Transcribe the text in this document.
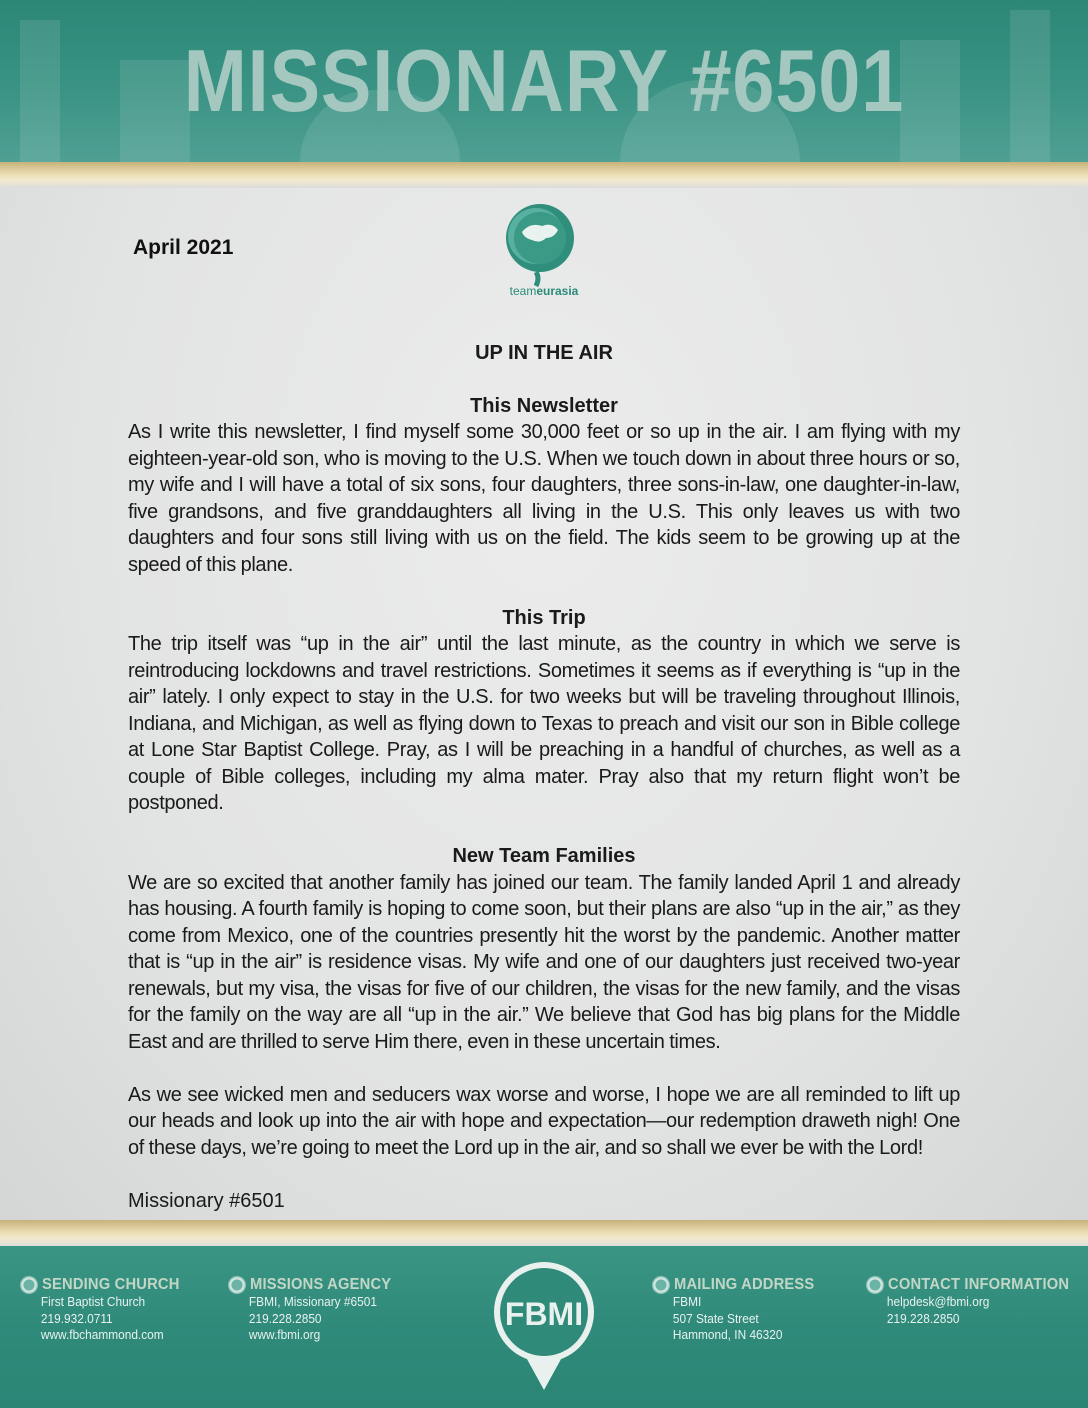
MISSIONARY #6501
April 2021
teameurasia

UP IN THE AIR

This Newsletter

As I write this newsletter, I find myself some 30,000 feet or so up in the air. I am flying with my eighteen-year-old son, who is moving to the U.S. When we touch down in about three hours or so, my wife and I will have a total of six sons, four daughters, three sons-in-law, one daughter-in-law, five grandsons, and five granddaughters all living in the U.S. This only leaves us with two daughters and four sons still living with us on the field. The kids seem to be growing up at the speed of this plane.

This Trip

The trip itself was “up in the air” until the last minute, as the country in which we serve is reintroducing lockdowns and travel restrictions. Sometimes it seems as if everything is “up in the air” lately. I only expect to stay in the U.S. for two weeks but will be traveling throughout Illinois, Indiana, and Michigan, as well as flying down to Texas to preach and visit our son in Bible college at Lone Star Baptist College. Pray, as I will be preaching in a handful of churches, as well as a couple of Bible colleges, including my alma mater. Pray also that my return flight won’t be postponed.

New Team Families

We are so excited that another family has joined our team. The family landed April 1 and already has housing. A fourth family is hoping to come soon, but their plans are also “up in the air,” as they come from Mexico, one of the countries presently hit the worst by the pandemic. Another matter that is “up in the air” is residence visas. My wife and one of our daughters just received two-year renewals, but my visa, the visas for five of our children, the visas for the new family, and the visas for the family on the way are all “up in the air.” We believe that God has big plans for the Middle East and are thrilled to serve Him there, even in these uncertain times.

As we see wicked men and seducers wax worse and worse, I hope we are all reminded to lift up our heads and look up into the air with hope and expectation—our redemption draweth nigh! One of these days, we’re going to meet the Lord up in the air, and so shall we ever be with the Lord!

Missionary #6501

SENDING CHURCH
First Baptist Church
219.932.0711
www.fbchammond.com
MISSIONS AGENCY
FBMI, Missionary #6501
219.228.2850
www.fbmi.org
FBMI
MAILING ADDRESS
FBMI
507 State Street
Hammond, IN 46320
CONTACT INFORMATION
helpdesk@fbmi.org
219.228.2850
